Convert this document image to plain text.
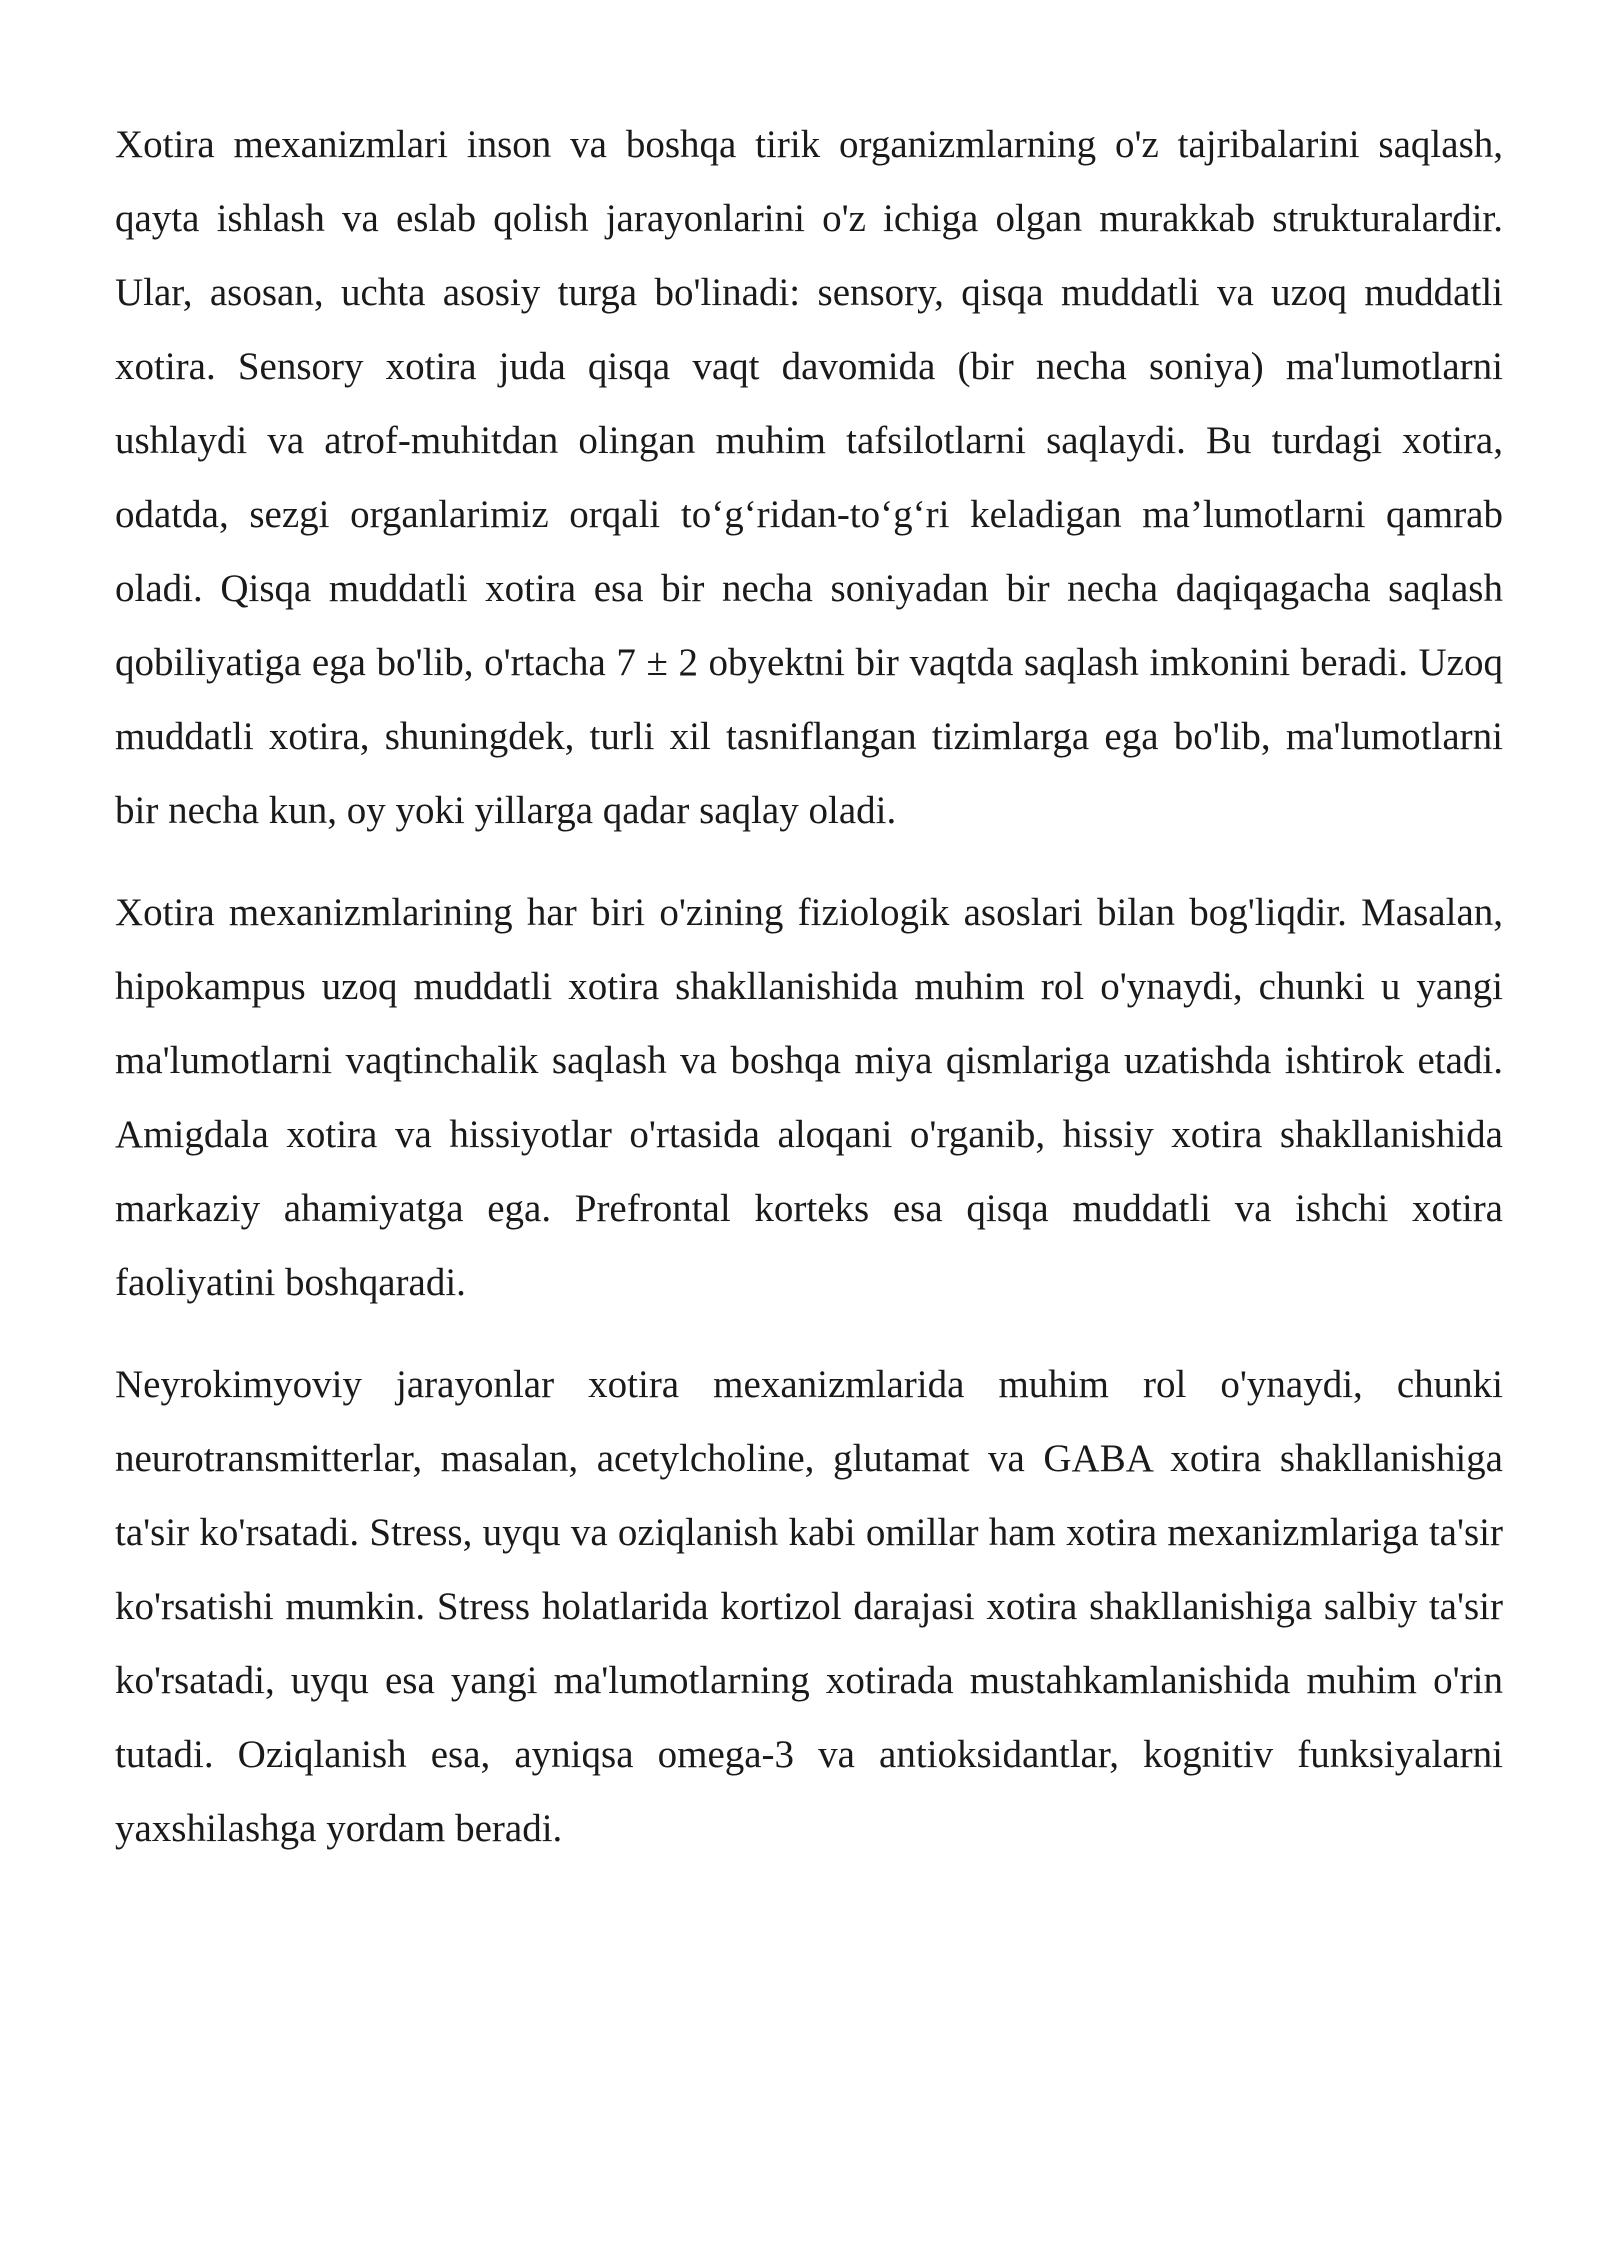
Xotira mexanizmlari inson va boshqa tirik organizmlarning o'z tajribalarini saqlash, qayta ishlash va eslab qolish jarayonlarini o'z ichiga olgan murakkab strukturalardir. Ular, asosan, uchta asosiy turga bo'linadi: sensory, qisqa muddatli va uzoq muddatli xotira. Sensory xotira juda qisqa vaqt davomida (bir necha soniya) ma'lumotlarni ushlaydi va atrof-muhitdan olingan muhim tafsilotlarni saqlaydi. Bu turdagi xotira, odatda, sezgi organlarimiz orqali to‘g‘ridan-to‘g‘ri keladigan ma’lumotlarni qamrab oladi. Qisqa muddatli xotira esa bir necha soniyadan bir necha daqiqagacha saqlash qobiliyatiga ega bo'lib, o'rtacha 7 ± 2 obyektni bir vaqtda saqlash imkonini beradi. Uzoq muddatli xotira, shuningdek, turli xil tasniflangan tizimlarga ega bo'lib, ma'lumotlarni bir necha kun, oy yoki yillarga qadar saqlay oladi.

Xotira mexanizmlarining har biri o'zining fiziologik asoslari bilan bog'liqdir. Masalan, hipokampus uzoq muddatli xotira shakllanishida muhim rol o'ynaydi, chunki u yangi ma'lumotlarni vaqtinchalik saqlash va boshqa miya qismlariga uzatishda ishtirok etadi. Amigdala xotira va hissiyotlar o'rtasida aloqani o'rganib, hissiy xotira shakllanishida markaziy ahamiyatga ega. Prefrontal korteks esa qisqa muddatli va ishchi xotira faoliyatini boshqaradi.

Neyrokimyoviy jarayonlar xotira mexanizmlarida muhim rol o'ynaydi, chunki neurotransmitterlar, masalan, acetylcholine, glutamat va GABA xotira shakllanishiga ta'sir ko'rsatadi. Stress, uyqu va oziqlanish kabi omillar ham xotira mexanizmlariga ta'sir ko'rsatishi mumkin. Stress holatlarida kortizol darajasi xotira shakllanishiga salbiy ta'sir ko'rsatadi, uyqu esa yangi ma'lumotlarning xotirada mustahkamlanishida muhim o'rin tutadi. Oziqlanish esa, ayniqsa omega-3 va antioksidantlar, kognitiv funksiyalarni yaxshilashga yordam beradi.
